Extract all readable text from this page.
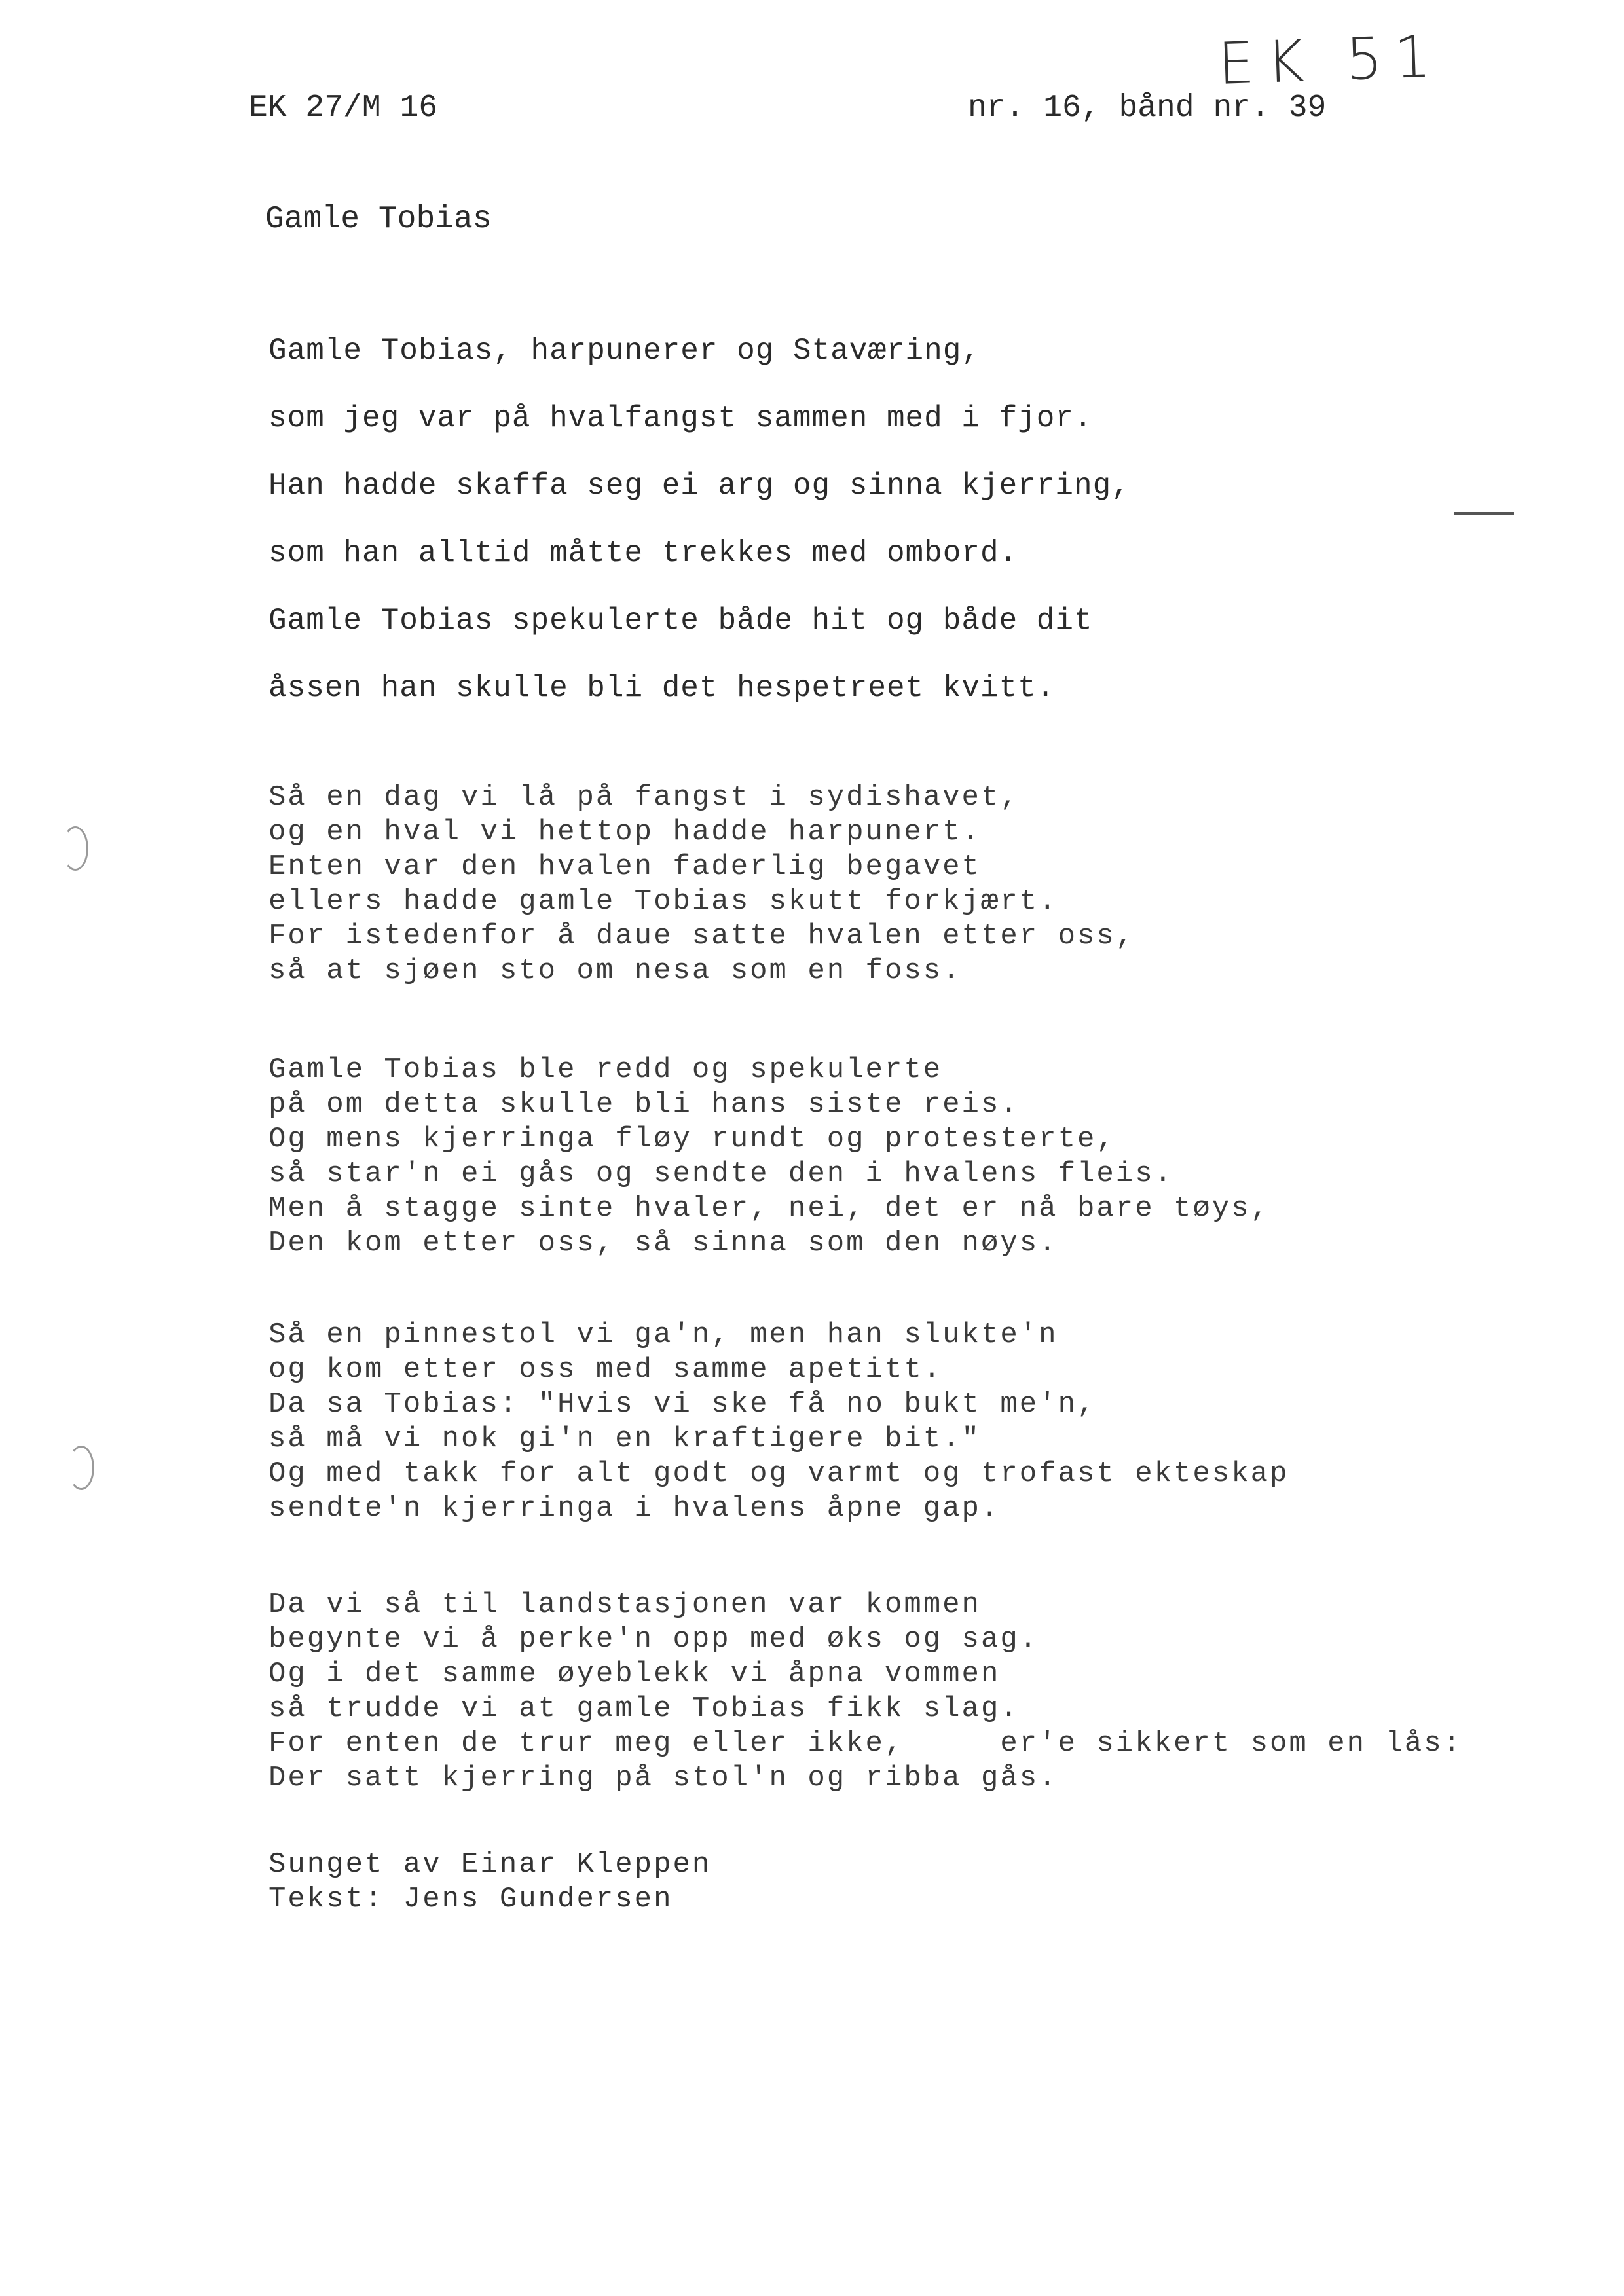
EK 51
EK 27/M 16	nr. 16, bånd nr. 39
Gamle Tobias
Gamle Tobias, harpunerer og Staværing,
som jeg var på hvalfangst sammen med i fjor.
Han hadde skaffa seg ei arg og sinna kjerring,
som han alltid måtte trekkes med ombord.
Gamle Tobias spekulerte både hit og både dit
åssen han skulle bli det hespetreet kvitt.
Så en dag vi lå på fangst i sydishavet,
og en hval vi hettop hadde harpunert.
Enten var den hvalen faderlig begavet
ellers hadde gamle Tobias skutt forkjært.
For istedenfor å daue satte hvalen etter oss,
så at sjøen sto om nesa som en foss.
Gamle Tobias ble redd og spekulerte
på om detta skulle bli hans siste reis.
Og mens kjerringa fløy rundt og protesterte,
så star'n ei gås og sendte den i hvalens fleis.
Men å stagge sinte hvaler, nei, det er nå bare tøys,
Den kom etter oss, så sinna som den nøys.
Så en pinnestol vi ga'n, men han slukte'n
og kom etter oss med samme apetitt.
Da sa Tobias: "Hvis vi ske få no bukt me'n,
så må vi nok gi'n en kraftigere bit."
Og med takk for alt godt og varmt og trofast ekteskap
sendte'n kjerringa i hvalens åpne gap.
Da vi så til landstasjonen var kommen
begynte vi å perke'n opp med øks og sag.
Og i det samme øyeblekk vi åpna vommen
så trudde vi at gamle Tobias fikk slag.
For enten de trur meg eller ikke,     er'e sikkert som en lås:
Der satt kjerring på stol'n og ribba gås.
Sunget av Einar Kleppen
Tekst: Jens Gundersen
